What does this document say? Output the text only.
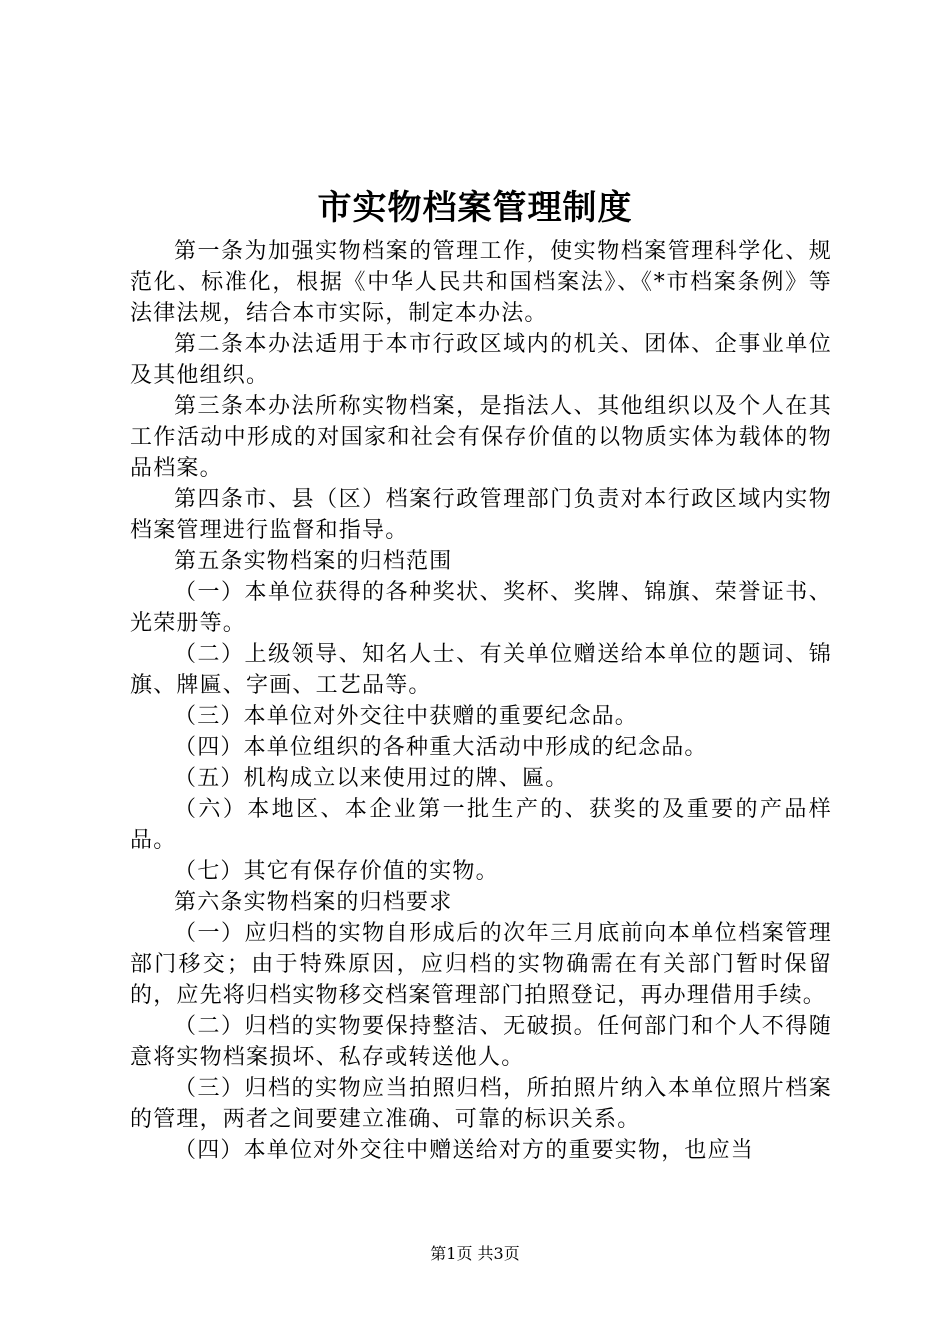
市实物档案管理制度

第一条为加强实物档案的管理工作，使实物档案管理科学化、规范化、标准化，根据《中华人民共和国档案法》、《*市档案条例》等法律法规，结合本市实际，制定本办法。

第二条本办法适用于本市行政区域内的机关、团体、企事业单位及其他组织。

第三条本办法所称实物档案，是指法人、其他组织以及个人在其工作活动中形成的对国家和社会有保存价值的以物质实体为载体的物品档案。

第四条市、县（区）档案行政管理部门负责对本行政区域内实物档案管理进行监督和指导。

第五条实物档案的归档范围

（一）本单位获得的各种奖状、奖杯、奖牌、锦旗、荣誉证书、光荣册等。

（二）上级领导、知名人士、有关单位赠送给本单位的题词、锦旗、牌匾、字画、工艺品等。

（三）本单位对外交往中获赠的重要纪念品。

（四）本单位组织的各种重大活动中形成的纪念品。

（五）机构成立以来使用过的牌、匾。

（六）本地区、本企业第一批生产的、获奖的及重要的产品样品。

（七）其它有保存价值的实物。

第六条实物档案的归档要求

（一）应归档的实物自形成后的次年三月底前向本单位档案管理部门移交；由于特殊原因，应归档的实物确需在有关部门暂时保留的，应先将归档实物移交档案管理部门拍照登记，再办理借用手续。

（二）归档的实物要保持整洁、无破损。任何部门和个人不得随意将实物档案损坏、私存或转送他人。

（三）归档的实物应当拍照归档，所拍照片纳入本单位照片档案的管理，两者之间要建立准确、可靠的标识关系。

（四）本单位对外交往中赠送给对方的重要实物，也应当

第1页 共3页
